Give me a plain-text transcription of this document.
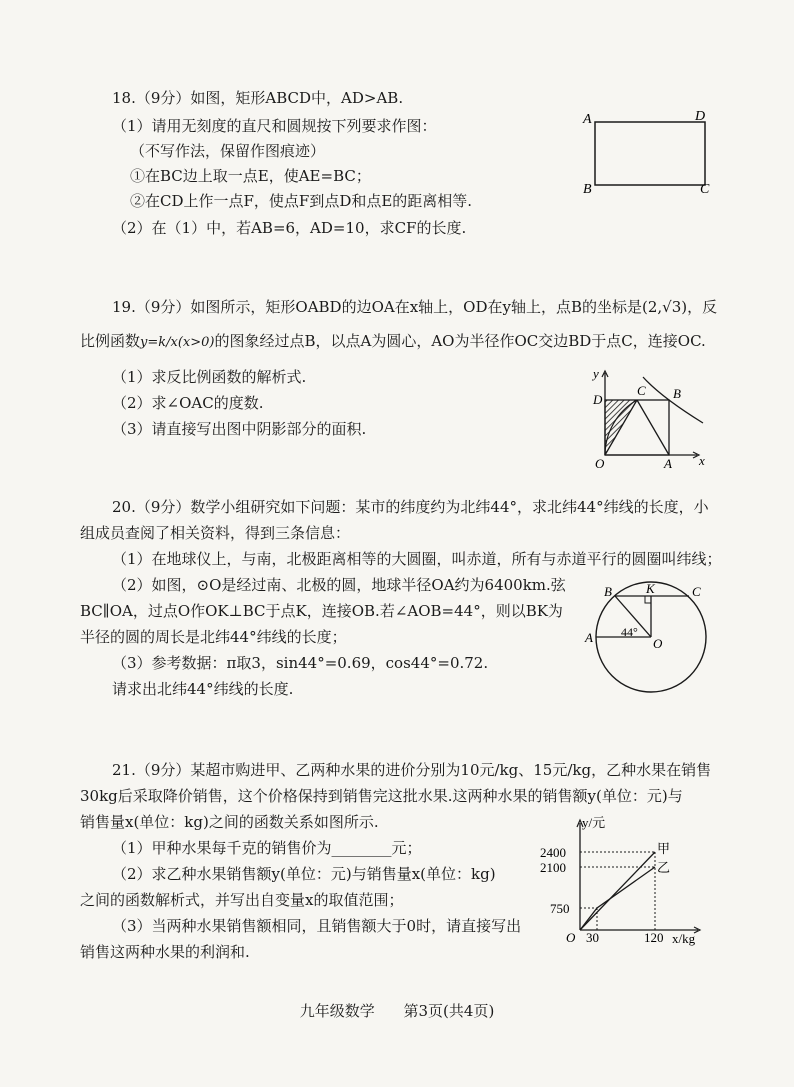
18.（9分）如图，矩形ABCD中，AD>AB.
（1）请用无刻度的直尺和圆规按下列要求作图：
（不写作法，保留作图痕迹）
①在BC边上取一点E，使AE=BC；
②在CD上作一点F，使点F到点D和点E的距离相等.
（2）在（1）中，若AB=6，AD=10，求CF的长度.
A	D
B	C
19.（9分）如图所示，矩形OABD的边OA在x轴上，OD在y轴上，点B的坐标是(2,√3)，反
比例函数y=k/x(x>0)的图象经过点B，以点A为圆心，AO为半径作OC交边BD于点C，连接OC.
（1）求反比例函数的解析式.
（2）求∠OAC的度数.
（3）请直接写出图中阴影部分的面积.
y
x
O	A
B
C
D
20.（9分）数学小组研究如下问题：某市的纬度约为北纬44°，求北纬44°纬线的长度，小
组成员查阅了相关资料，得到三条信息：
（1）在地球仪上，与南，北极距离相等的大圆圈，叫赤道，所有与赤道平行的圆圈叫纬线；
（2）如图，⊙O是经过南、北极的圆，地球半径OA约为6400km.弦
BC∥OA，过点O作OK⊥BC于点K，连接OB.若∠AOB=44°，则以BK为
半径的圆的周长是北纬44°纬线的长度；
（3）参考数据：π取3，sin44°=0.69，cos44°=0.72.
请求出北纬44°纬线的长度.
B	K	C
A	O
44°
21.（9分）某超市购进甲、乙两种水果的进价分别为10元/kg、15元/kg，乙种水果在销售
30kg后采取降价销售，这个价格保持到销售完这批水果.这两种水果的销售额y(单位：元)与
销售量x(单位：kg)之间的函数关系如图所示.
（1）甲种水果每千克的销售价为________元；
（2）求乙种水果销售额y(单位：元)与销售量x(单位：kg)
之间的函数解析式，并写出自变量x的取值范围；
（3）当两种水果销售额相同，且销售额大于0时，请直接写出
销售这两种水果的利润和.
y/元
x/kg
O
2400
2100
750
30	120
甲
乙
九年级数学 第3页(共4页)
